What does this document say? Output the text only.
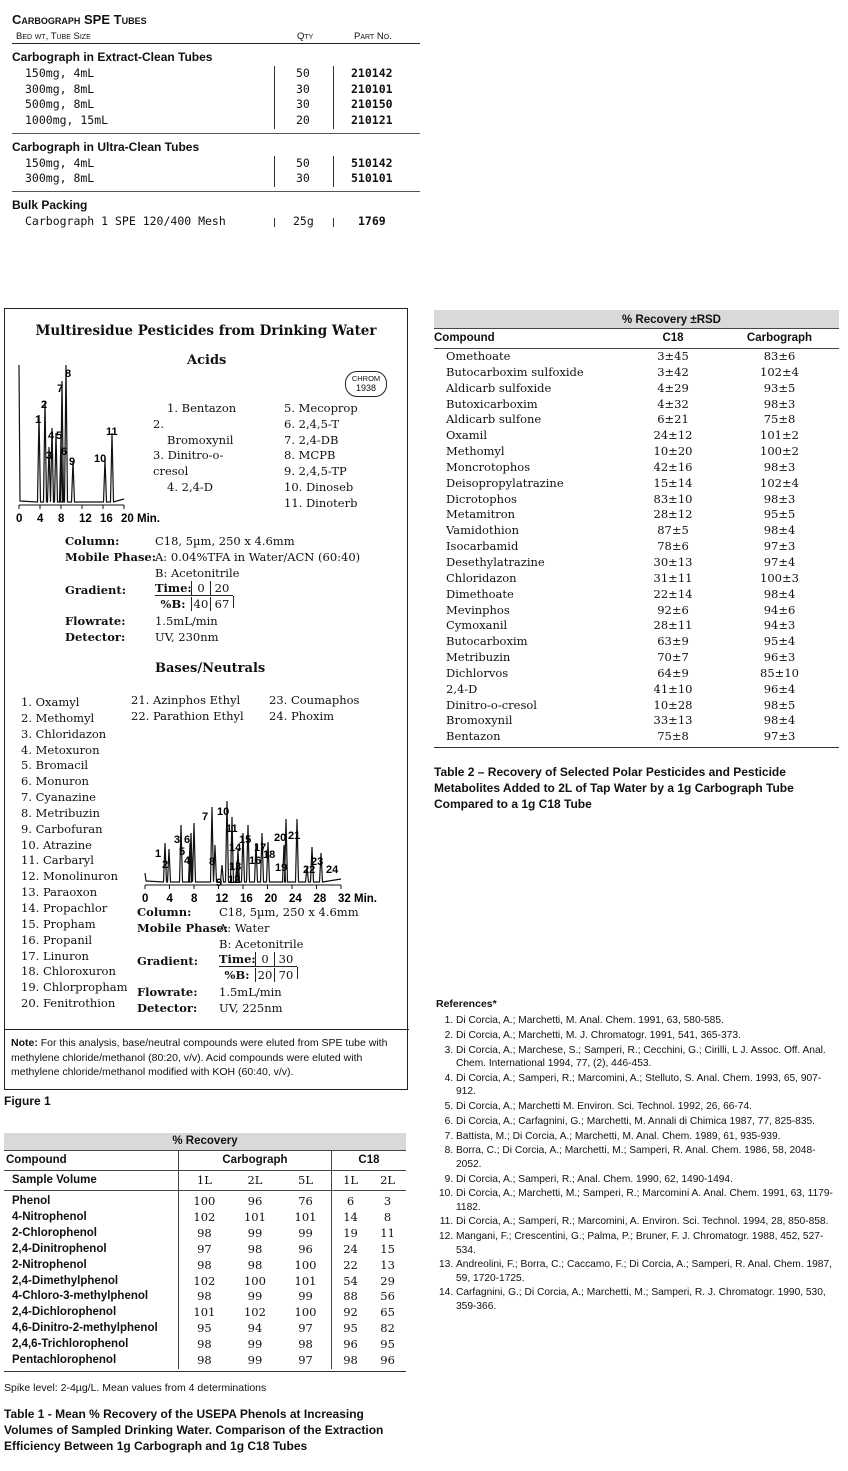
Carbograph SPE Tubes
Bed wt, Tube Size	Qty	Part No.
Carbograph in Extract-Clean Tubes
150mg, 4mL	50	210142
300mg, 8mL	30	210101
500mg, 8mL	30	210150
1000mg, 15mL	20	210121
Carbograph in Ultra-Clean Tubes
150mg, 4mL	50	510142
300mg, 8mL	30	510101
Bulk Packing
Carbograph 1 SPE 120/400 Mesh	25g	1769
Multiresidue Pesticides from Drinking Water
Acids
CHROM
1938
0 4 8 12 16 20 Min.
1
2
3
4 5
6
7
8
9 10
11
1. Bentazon
2.
Bromoxynil
3. Dinitro-o-
cresol
4. 2,4-D
5. Mecoprop
6. 2,4,5-T
7. 2,4-DB
8. MCPB
9. 2,4,5-TP
10. Dinoseb
11. Dinoterb
Column:	C18, 5µm, 250 x 4.6mm
Mobile Phase: A: 0.04%TFA in Water/ACN (60:40)
B: Acetonitrile
Gradient:
Flowrate:	1.5mL/min
Detector:	UV, 230nm
Time: 0 20

%B: 40 67
Bases/Neutrals
1. Oxamyl
2. Methomyl
3. Chloridazon
4. Metoxuron
5. Bromacil
6. Monuron
7. Cyanazine
8. Metribuzin
9. Carbofuran
10. Atrazine
11. Carbaryl
12. Monolinuron
13. Paraoxon
14. Propachlor
15. Propham
16. Propanil
17. Linuron
18. Chloroxuron
19. Chlorpropham
20. Fenitrothion
21. Azinphos Ethyl
22. Parathion Ethyl
23. Coumaphos
24. Phoxim
0 4 8 12 16 20 24 28 32 Min.
1
2
3
4
5
6
7
8
9
10
11
12
13
14
15
16
17
18
19
20 21
22
23
24
Column: C18, 5µm, 250 x 4.6mm
Mobile Phase:
A: Water
B: Acetonitrile
Gradient:
Flowrate: 1.5mL/min
Detector: UV, 225nm
Time: 0 30

%B: 20 70
Note: For this analysis, base/neutral compounds were eluted from SPE tube with methylene chloride/methanol (80:20, v/v). Acid compounds were eluted with methylene chloride/methanol modified with KOH (60:40, v/v).
Figure 1
% Recovery ±RSD
Compound	C18	Carbograph
Omethoate	3±45	83±6
Butocarboxim sulfoxide	3±42	102±4
Aldicarb sulfoxide	4±29	93±5
Butoxicarboxim	4±32	98±3
Aldicarb sulfone	6±21	75±8
Oxamil	24±12	101±2
Methomyl	10±20	100±2
Moncrotophos	42±16	98±3
Deisopropylatrazine	15±14	102±4
Dicrotophos	83±10	98±3
Metamitron	28±12	95±5
Vamidothion	87±5	98±4
Isocarbamid	78±6	97±3
Desethylatrazine	30±13	97±4
Chloridazon	31±11	100±3
Dimethoate	22±14	98±4
Mevinphos	92±6	94±6
Cymoxanil	28±11	94±3
Butocarboxim	63±9	95±4
Metribuzin	70±7	96±3
Dichlorvos	64±9	85±10
2,4-D	41±10	96±4
Dinitro-o-cresol	10±28	98±5
Bromoxynil	33±13	98±4
Bentazon	75±8	97±3
Table 2 – Recovery of Selected Polar Pesticides and Pesticide Metabolites Added to 2L of Tap Water by a 1g Carbograph Tube Compared to a 1g C18 Tube
References*
1. Di Corcia, A.; Marchetti, M. Anal. Chem. 1991, 63, 580-585.
2. Di Corcia, A.; Marchetti, M. J. Chromatogr. 1991, 541, 365-373.
3. Di Corcia, A.; Marchese, S.; Samperi, R.; Cecchini, G.; Cirilli, L J. Assoc. Off. Anal. Chem. International 1994, 77, (2), 446-453.
4. Di Corcia, A.; Samperi, R.; Marcomini, A.; Stelluto, S. Anal. Chem. 1993, 65, 907-912.
5. Di Corcia, A.; Marchetti M. Environ. Sci. Technol. 1992, 26, 66-74.
6. Di Corcia, A.; Carfagnini, G.; Marchetti, M. Annali di Chimica 1987, 77, 825-835.
7. Battista, M.; Di Corcia, A.; Marchetti, M. Anal. Chem. 1989, 61, 935-939.
8. Borra, C.; Di Corcia, A.; Marchetti, M.; Samperi, R. Anal. Chem. 1986, 58, 2048-2052.
9. Di Corcia, A.; Samperi, R.; Anal. Chem. 1990, 62, 1490-1494.
10. Di Corcia, A.; Marchetti, M.; Samperi, R.; Marcomini A. Anal. Chem. 1991, 63, 1179-1182.
11. Di Corcia, A.; Samperi, R.; Marcomini, A. Environ. Sci. Technol. 1994, 28, 850-858.
12. Mangani, F.; Crescentini, G.; Palma, P.; Bruner, F. J. Chromatogr. 1988, 452, 527-534.
13. Andreolini, F.; Borra, C.; Caccamo, F.; Di Corcia, A.; Samperi, R. Anal. Chem. 1987, 59, 1720-1725.
14. Carfagnini, G.; Di Corcia, A.; Marchetti, M.; Samperi, R. J. Chromatogr. 1990, 530, 359-366.
% Recovery					
Compound	Carbograph			C18	
Sample Volume	1L	2L	5L	1L	2L
Phenol	100	96	76	6	3
4-Nitrophenol	102	101	101	14	8
2-Chlorophenol	98	99	99	19	11
2,4-Dinitrophenol	97	98	96	24	15
2-Nitrophenol	98	98	100	22	13
2,4-Dimethylphenol	102	100	101	54	29
4-Chloro-3-methylphenol	98	99	99	88	56
2,4-Dichlorophenol	101	102	100	92	65
4,6-Dinitro-2-methylphenol	95	94	97	95	82
2,4,6-Trichlorophenol	98	99	98	96	95
Pentachlorophenol	98	99	97	98	96
Spike level: 2-4µg/L. Mean values from 4 determinations
Table 1 - Mean % Recovery of the USEPA Phenols at Increasing Volumes of Sampled Drinking Water. Comparison of the Extraction Efficiency Between 1g Carbograph and 1g C18 Tubes
